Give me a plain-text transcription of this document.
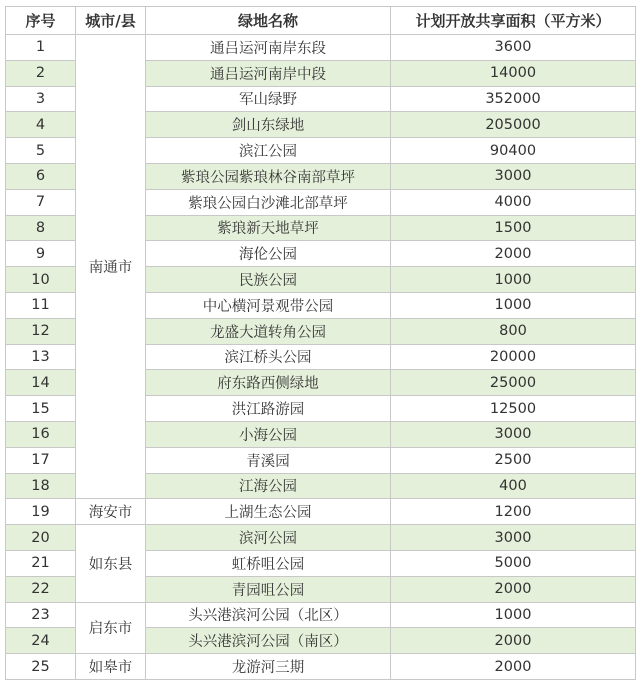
序号	城市/县	绿地名称	计划开放共享面积（平方米）
1	南通市	通吕运河南岸东段	3600
2		通吕运河南岸中段	14000
3		军山绿野	352000
4		剑山东绿地	205000
5		滨江公园	90400
6		紫琅公园紫琅林谷南部草坪	3000
7		紫琅公园白沙滩北部草坪	4000
8		紫琅新天地草坪	1500
9		海伦公园	2000
10		民族公园	1000
11		中心横河景观带公园	1000
12		龙盛大道转角公园	800
13		滨江桥头公园	20000
14		府东路西侧绿地	25000
15		洪江路游园	12500
16		小海公园	3000
17		青溪园	2500
18		江海公园	400
19	海安市	上湖生态公园	1200
20	如东县	滨河公园	3000
21		虹桥咀公园	5000
22		青园咀公园	2000
23	启东市	头兴港滨河公园（北区）	1000
24		头兴港滨河公园（南区）	2000
25	如皋市	龙游河三期	2000
